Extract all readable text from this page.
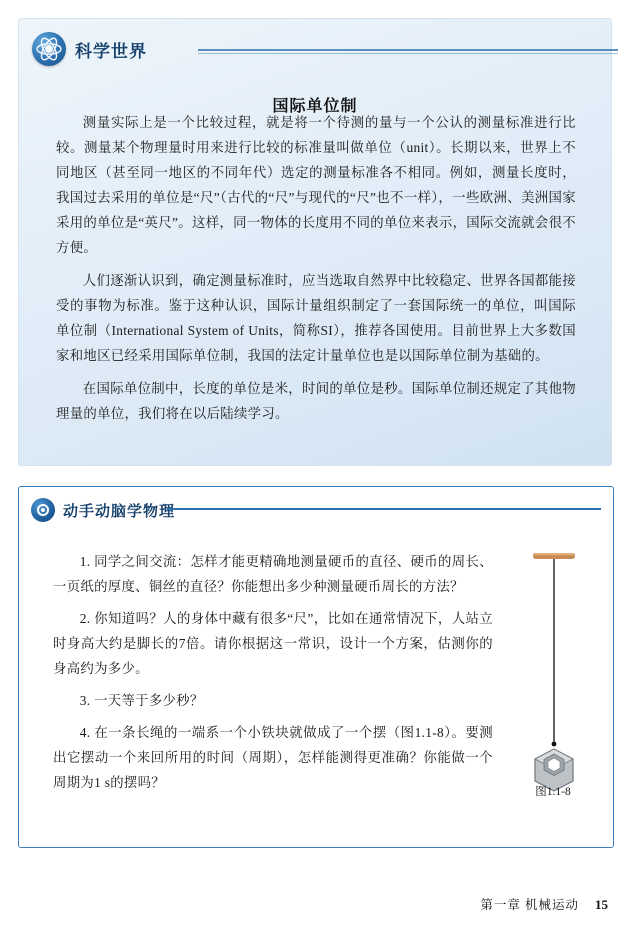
科学世界
国际单位制

测量实际上是一个比较过程，就是将一个待测的量与一个公认的测量标准进行比较。测量某个物理量时用来进行比较的标准量叫做单位（unit）。长期以来，世界上不同地区（甚至同一地区的不同年代）选定的测量标准各不相同。例如，测量长度时，我国过去采用的单位是“尺”（古代的“尺”与现代的“尺”也不一样），一些欧洲、美洲国家采用的单位是“英尺”。这样，同一物体的长度用不同的单位来表示，国际交流就会很不方便。

人们逐渐认识到，确定测量标准时，应当选取自然界中比较稳定、世界各国都能接受的事物为标准。鉴于这种认识，国际计量组织制定了一套国际统一的单位，叫国际单位制（International System of Units，简称SI），推荐各国使用。目前世界上大多数国家和地区已经采用国际单位制，我国的法定计量单位也是以国际单位制为基础的。

在国际单位制中，长度的单位是米，时间的单位是秒。国际单位制还规定了其他物理量的单位，我们将在以后陆续学习。

动手动脑学物理

1. 同学之间交流：怎样才能更精确地测量硬币的直径、硬币的周长、一页纸的厚度、铜丝的直径？你能想出多少种测量硬币周长的方法？

2. 你知道吗？人的身体中藏有很多“尺”，比如在通常情况下，人站立时身高大约是脚长的7倍。请你根据这一常识，设计一个方案，估测你的身高约为多少。

3. 一天等于多少秒？

4. 在一条长绳的一端系一个小铁块就做成了一个摆（图1.1-8）。要测出它摆动一个来回所用的时间（周期），怎样能测得更准确？你能做一个周期为1 s的摆吗？

图1.1-8
第一章 机械运动 15
